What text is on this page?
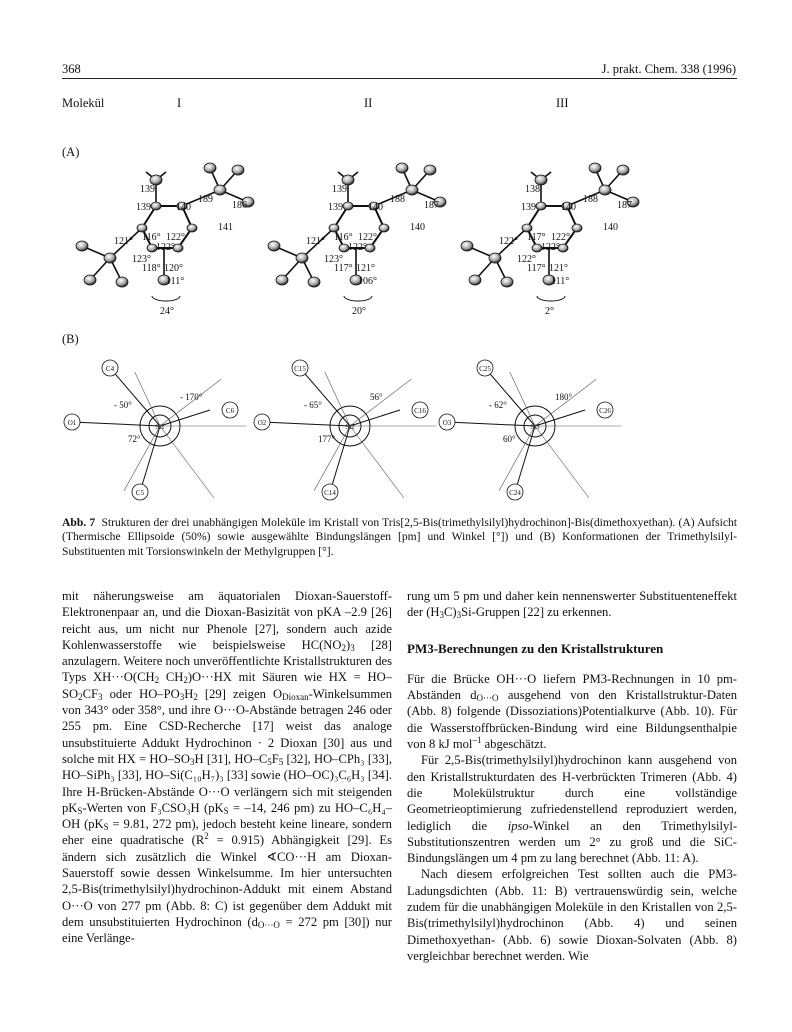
368	J. prakt. Chem. 338 (1996)
Molekül	I	II	III
(A)
(B)
139
139	140
189
186
141
121° 116° 122°
122°
123°
118° 120°
111°
24°
139
139	140
188
187
140
121° 116° 122°
122°
123°
117° 121°
106°
20°
138
139	140
188
187
140
122° 117° 122°
122°
122°
117° 121°
111°
2°
C4
O1	Si1
C6
C5
- 50°
- 170°
72°
C15
O2	Si2
C16
C14
- 65°
56°
177°
C25
O3	Si3
C26
C24
- 62°
180°
60°
Abb. 7 Strukturen der drei unabhängigen Moleküle im Kristall von Tris[2,5-Bis(trimethylsilyl)hydrochinon]-Bis(dimethoxyethan). (A) Aufsicht (Thermische Ellipsoide (50%) sowie ausgewählte Bindungslängen [pm] und Winkel [°]) und (B) Konformationen der Trimethylsilyl-Substituenten mit Torsionswinkeln der Methylgruppen [°].

mit näherungsweise am äquatorialen Dioxan-Sauerstoff-Elektronenpaar an, und die Dioxan-Basizität von pKA –2.9 [26] reicht aus, um nicht nur Phenole [27], sondern auch azide Kohlenwasserstoffe wie beispielsweise $HC(NO_2)_3$ [28] anzulagern. Weitere noch unveröffentlichte Kristallstrukturen des Typs $XH\cdot\cdot\cdot O(CH_2$ $CH_2)O\cdot\cdot\cdot HX$ mit Säuren wie HX = $HO-SO_2CF_3$ oder $HO-PO_3H_2$ [29] zeigen $O_{Dioxan}$-Winkelsummen von 343° oder 358°, und ihre O···O-Abstände betragen 246 oder 255 pm. Eine CSD-Recherche [17] weist das analoge unsubstituierte Addukt Hydrochinon · 2 Dioxan [30] aus und solche mit HX = $HO-SO_3H$ [31], $HO-C_5F_5$ [32], HO–CPh₃ [33], HO–SiPh₃ [33], HO–Si(C₁₀H₇)₃ [33] sowie (HO–OC)₃C₆H₃ [34]. Ihre H-Brücken-Abstände O···O verlängern sich mit steigenden $pK_S$-Werten von F₃CSO₃H ($pK_S = -14$, 246 pm) zu HO–C₆H₄–OH ($pK_S = 9.81$, 272 pm), jedoch besteht keine lineare, sondern eher eine quadratische $(R^2 = 0.915)$ Abhängigkeit [29]. Es ändern sich zusätzlich die Winkel ∢CO···H am Dioxan-Sauerstoff sowie dessen Winkelsumme. Im hier untersuchten 2,5-Bis(trimethylsilyl)hydrochinon-Addukt mit einem Abstand O···O von 277 pm (Abb. 8: C) ist gegenüber dem Addukt mit dem unsubstituierten Hydrochinon ($d_{O\cdot\cdot\cdot O} = 272$ pm [30]) nur eine Verlänge-

rung um 5 pm und daher kein nennenswerter Substituenteneffekt der $(H_3C)_3Si$-Gruppen [22] zu erkennen.

PM3-Berechnungen zu den Kristallstrukturen

Für die Brücke OH···O liefern PM3-Rechnungen in 10 pm-Abständen $d_{O\cdot\cdot\cdot O}$ ausgehend von den Kristallstruktur-Daten (Abb. 8) folgende (Dissoziations)Potentialkurve (Abb. 10). Für die Wasserstoffbrücken-Bindung wird eine Bildungsenthalpie von 8 kJ mol$^{-1}$ abgeschätzt.

Für 2,5-Bis(trimethylsilyl)hydrochinon kann ausgehend von den Kristallstrukturdaten des H-verbrückten Trimeren (Abb. 4) die Molekülstruktur durch eine vollständige Geometrieoptimierung zufriedenstellend reproduziert werden, lediglich die ipso-Winkel an den Trimethylsilyl-Substitutionszentren werden um 2° zu groß und die SiC-Bindungslängen um 4 pm zu lang berechnet (Abb. 11: A).

Nach diesem erfolgreichen Test sollten auch die PM3-Ladungsdichten (Abb. 11: B) vertrauenswürdig sein, welche zudem für die unabhängigen Moleküle in den Kristallen von 2,5-Bis(trimethylsilyl)hydrochinon (Abb. 4) und seinen Dimethoxyethan- (Abb. 6) sowie Dioxan-Solvaten (Abb. 8) vergleichbar berechnet werden. Wie
